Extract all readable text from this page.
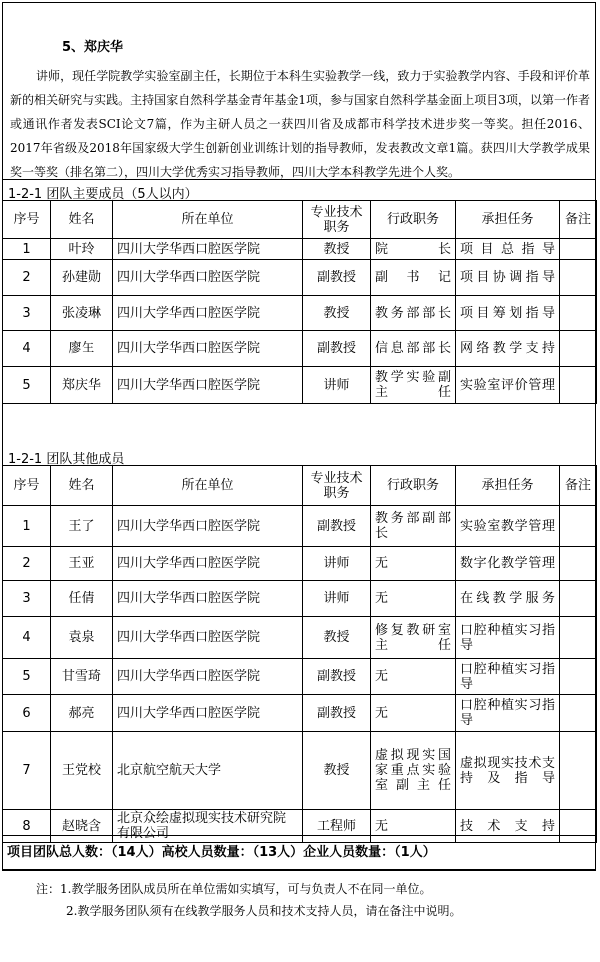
5、郑庆华
讲师，现任学院教学实验室副主任，长期位于本科生实验教学一线，致力于实验教学内容、手段和评价革新的相关研究与实践。主持国家自然科学基金青年基金1项，参与国家自然科学基金面上项目3项，以第一作者或通讯作者发表SCI论文7篇，作为主研人员之一获四川省及成都市科学技术进步奖一等奖。担任2016、2017年省级及2018年国家级大学生创新创业训练计划的指导教师，发表教改文章1篇。获四川大学教学成果奖一等奖（排名第二），四川大学优秀实习指导教师，四川大学本科教学先进个人奖。
1-2-1 团队主要成员（5人以内）
序号	姓名	所在单位	专业技术职务	行政职务	承担任务	备注
1	叶玲	四川大学华西口腔医学院	教授	院长	项目总指导	
2	孙建勋	四川大学华西口腔医学院	副教授	副书记	项目协调指导	
3	张凌琳	四川大学华西口腔医学院	教授	教务部部长	项目筹划指导	
4	廖玍	四川大学华西口腔医学院	副教授	信息部部长	网络教学支持	
5	郑庆华	四川大学华西口腔医学院	讲师	教学实验副主任	实验室评价管理	
1-2-1 团队其他成员
序号	姓名	所在单位	专业技术职务	行政职务	承担任务	备注
1	王了	四川大学华西口腔医学院	副教授	教务部副部长	实验室教学管理	
2	王亚	四川大学华西口腔医学院	讲师	无	数字化教学管理	
3	任倩	四川大学华西口腔医学院	讲师	无	在线教学服务	
4	袁泉	四川大学华西口腔医学院	教授	修复教研室主任	口腔种植实习指导	
5	甘雪琦	四川大学华西口腔医学院	副教授	无	口腔种植实习指导	
6	郝亮	四川大学华西口腔医学院	副教授	无	口腔种植实习指导	
7	王党校	北京航空航天大学	教授	虚拟现实国家重点实验室副主任	虚拟现实技术支持及指导	
8	赵晓含	北京众绘虚拟现实技术研究院有限公司	工程师	无	技术支持	
项目团队总人数：（14人）高校人员数量：（13人）企业人员数量：（1人）
注：1.教学服务团队成员所在单位需如实填写，可与负责人不在同一单位。
2.教学服务团队须有在线教学服务人员和技术支持人员，请在备注中说明。
